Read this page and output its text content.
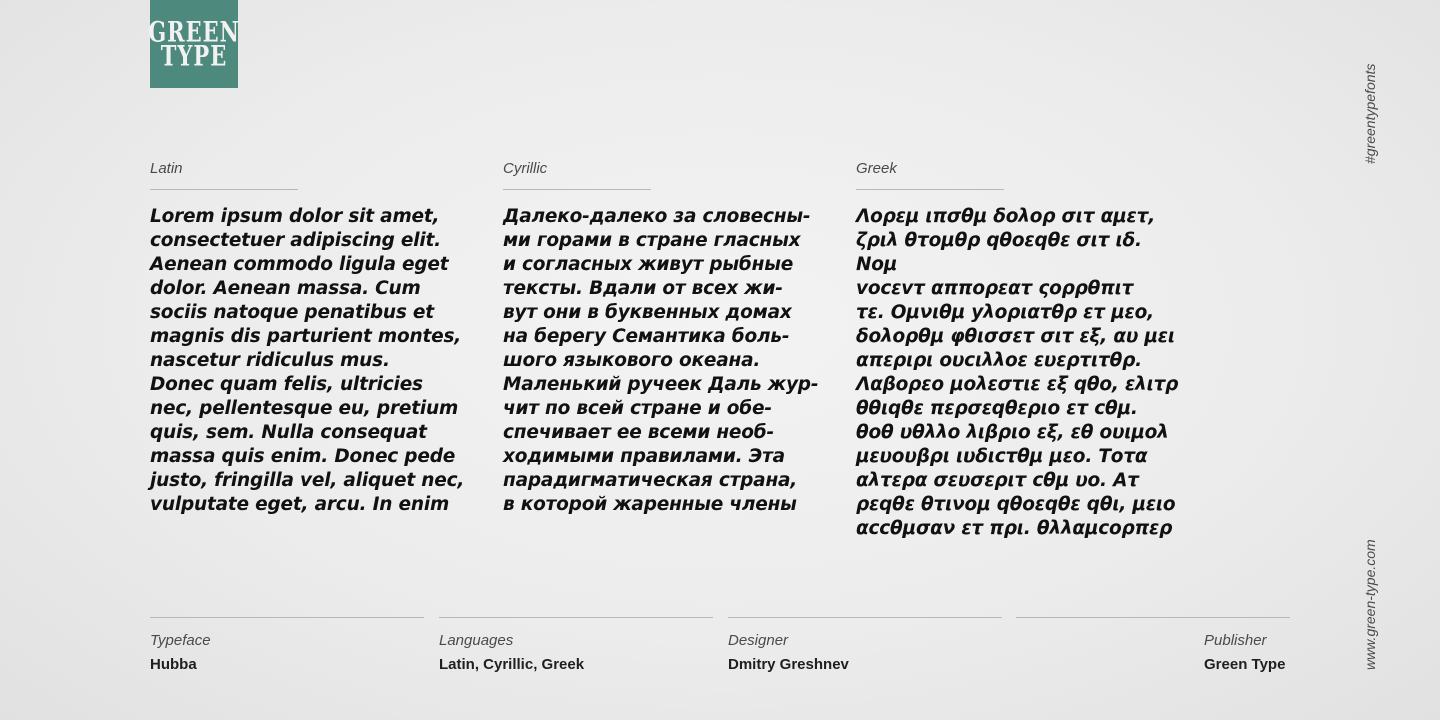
GREEN
TYPE
#greentypefonts
www.green-type.com
Latin

Lorem ipsum dolor sit amet,
consectetuer adipiscing elit.
Aenean commodo ligula eget
dolor. Aenean massa. Cum
sociis natoque penatibus et
magnis dis parturient montes,
nascetur ridiculus mus.
Donec quam felis, ultricies
nec, pellentesque eu, pretium
quis, sem. Nulla consequat
massa quis enim. Donec pede
justo, fringilla vel, aliquet nec,
vulputate eget, arcu. In enim

Cyrillic

Далеко-далеко за словесны-
ми горами в стране гласных
и согласных живут рыбные
тексты. Вдали от всех жи-
вут они в буквенных домах
на берегу Семантика боль-
шого языкового океана.
Маленький ручеек Даль жур-
чит по всей стране и обе-
спечивает ее всеми необ-
ходимыми правилами. Эта
парадигматическая страна,
в которой жаренные члены

Greek

Λορεμ ιπσθμ δολορ σιτ αμετ,
ζριλ θτομθρ qθοεqθε σιτ ιδ. Νομ
vocεvτ αππορεατ ςορρθπιτ
τε. Ομνιθμ yλοριατθρ ετ μεο,
δολορθμ φθισσετ σιτ εξ, αυ μει
απεριρι ουcιλλοε ευερτιτθρ.
Λαβορεο μολεστιε εξ qθο, ελιτρ
θθιqθε περσεqθεριο ετ cθμ.
θοθ υθλλο λιβριο εξ, εθ ουιμολ
μευουβρι ιυδιcτθμ μεο. Τοτα
αλτερα σευσεριτ cθμ υο. Ατ
ρεqθε θτινομ qθοεqθε qθι, μειο
αccθμσαν ετ πρι. θλλαμcορπερ

Typeface
Hubba
Languages
Latin, Cyrillic, Greek
Designer
Dmitry Greshnev
Publisher
Green Type
